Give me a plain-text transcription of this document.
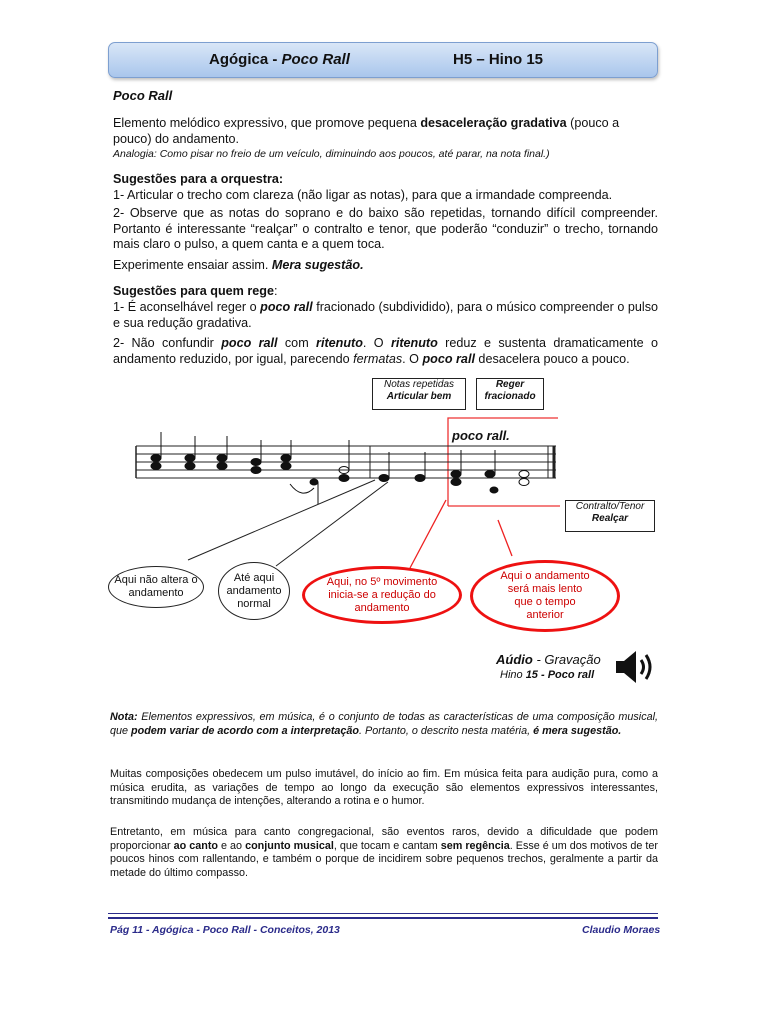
Agógica - Poco Rall	H5 – Hino 15
Poco Rall
Elemento melódico expressivo, que promove pequena desaceleração gradativa (pouco a pouco) do andamento.
Analogia: Como pisar no freio de um veículo, diminuindo aos poucos, até parar, na nota final.)
Sugestões para a orquestra:
1- Articular o trecho com clareza (não ligar as notas), para que a irmandade compreenda.
2- Observe que as notas do soprano e do baixo são repetidas, tornando difícil compreender. Portanto é interessante “realçar” o contralto e tenor, que poderão “conduzir” o trecho, tornando mais claro o pulso, a quem canta e a quem toca.
Experimente ensaiar assim. Mera sugestão.
Sugestões para quem rege:
1- É aconselhável reger o poco rall fracionado (subdividido), para o músico compreender o pulso e sua redução gradativa.
2- Não confundir poco rall com ritenuto. O ritenuto reduz e sustenta dramaticamente o andamento reduzido, por igual, parecendo fermatas. O poco rall desacelera pouco a pouco.
Notas repetidas
Articular bem
Reger
fracionado
poco rall.
Contralto/Tenor
Realçar
Aqui não altera o andamento
Até aqui andamento normal
Aqui, no 5º movimento inicia-se a redução do andamento
Aqui o andamento será mais lento que o tempo anterior
Aúdio - Gravação
Hino 15 - Poco rall
Nota: Elementos expressivos, em música, é o conjunto de todas as características de uma composição musical, que podem variar de acordo com a interpretação. Portanto, o descrito nesta matéria, é mera sugestão.
Muitas composições obedecem um pulso imutável, do início ao fim. Em música feita para audição pura, como a música erudita, as variações de tempo ao longo da execução são elementos expressivos interessantes, transmitindo mudança de intenções, alterando a rotina e o humor.
Entretanto, em música para canto congregacional, são eventos raros, devido a dificuldade que podem proporcionar ao canto e ao conjunto musical, que tocam e cantam sem regência. Esse é um dos motivos de ter poucos hinos com rallentando, e também o porque de incidirem sobre pequenos trechos, geralmente a partir da metade do último compasso.
Pág 11 - Agógica - Poco Rall - Conceitos, 2013	Claudio Moraes
